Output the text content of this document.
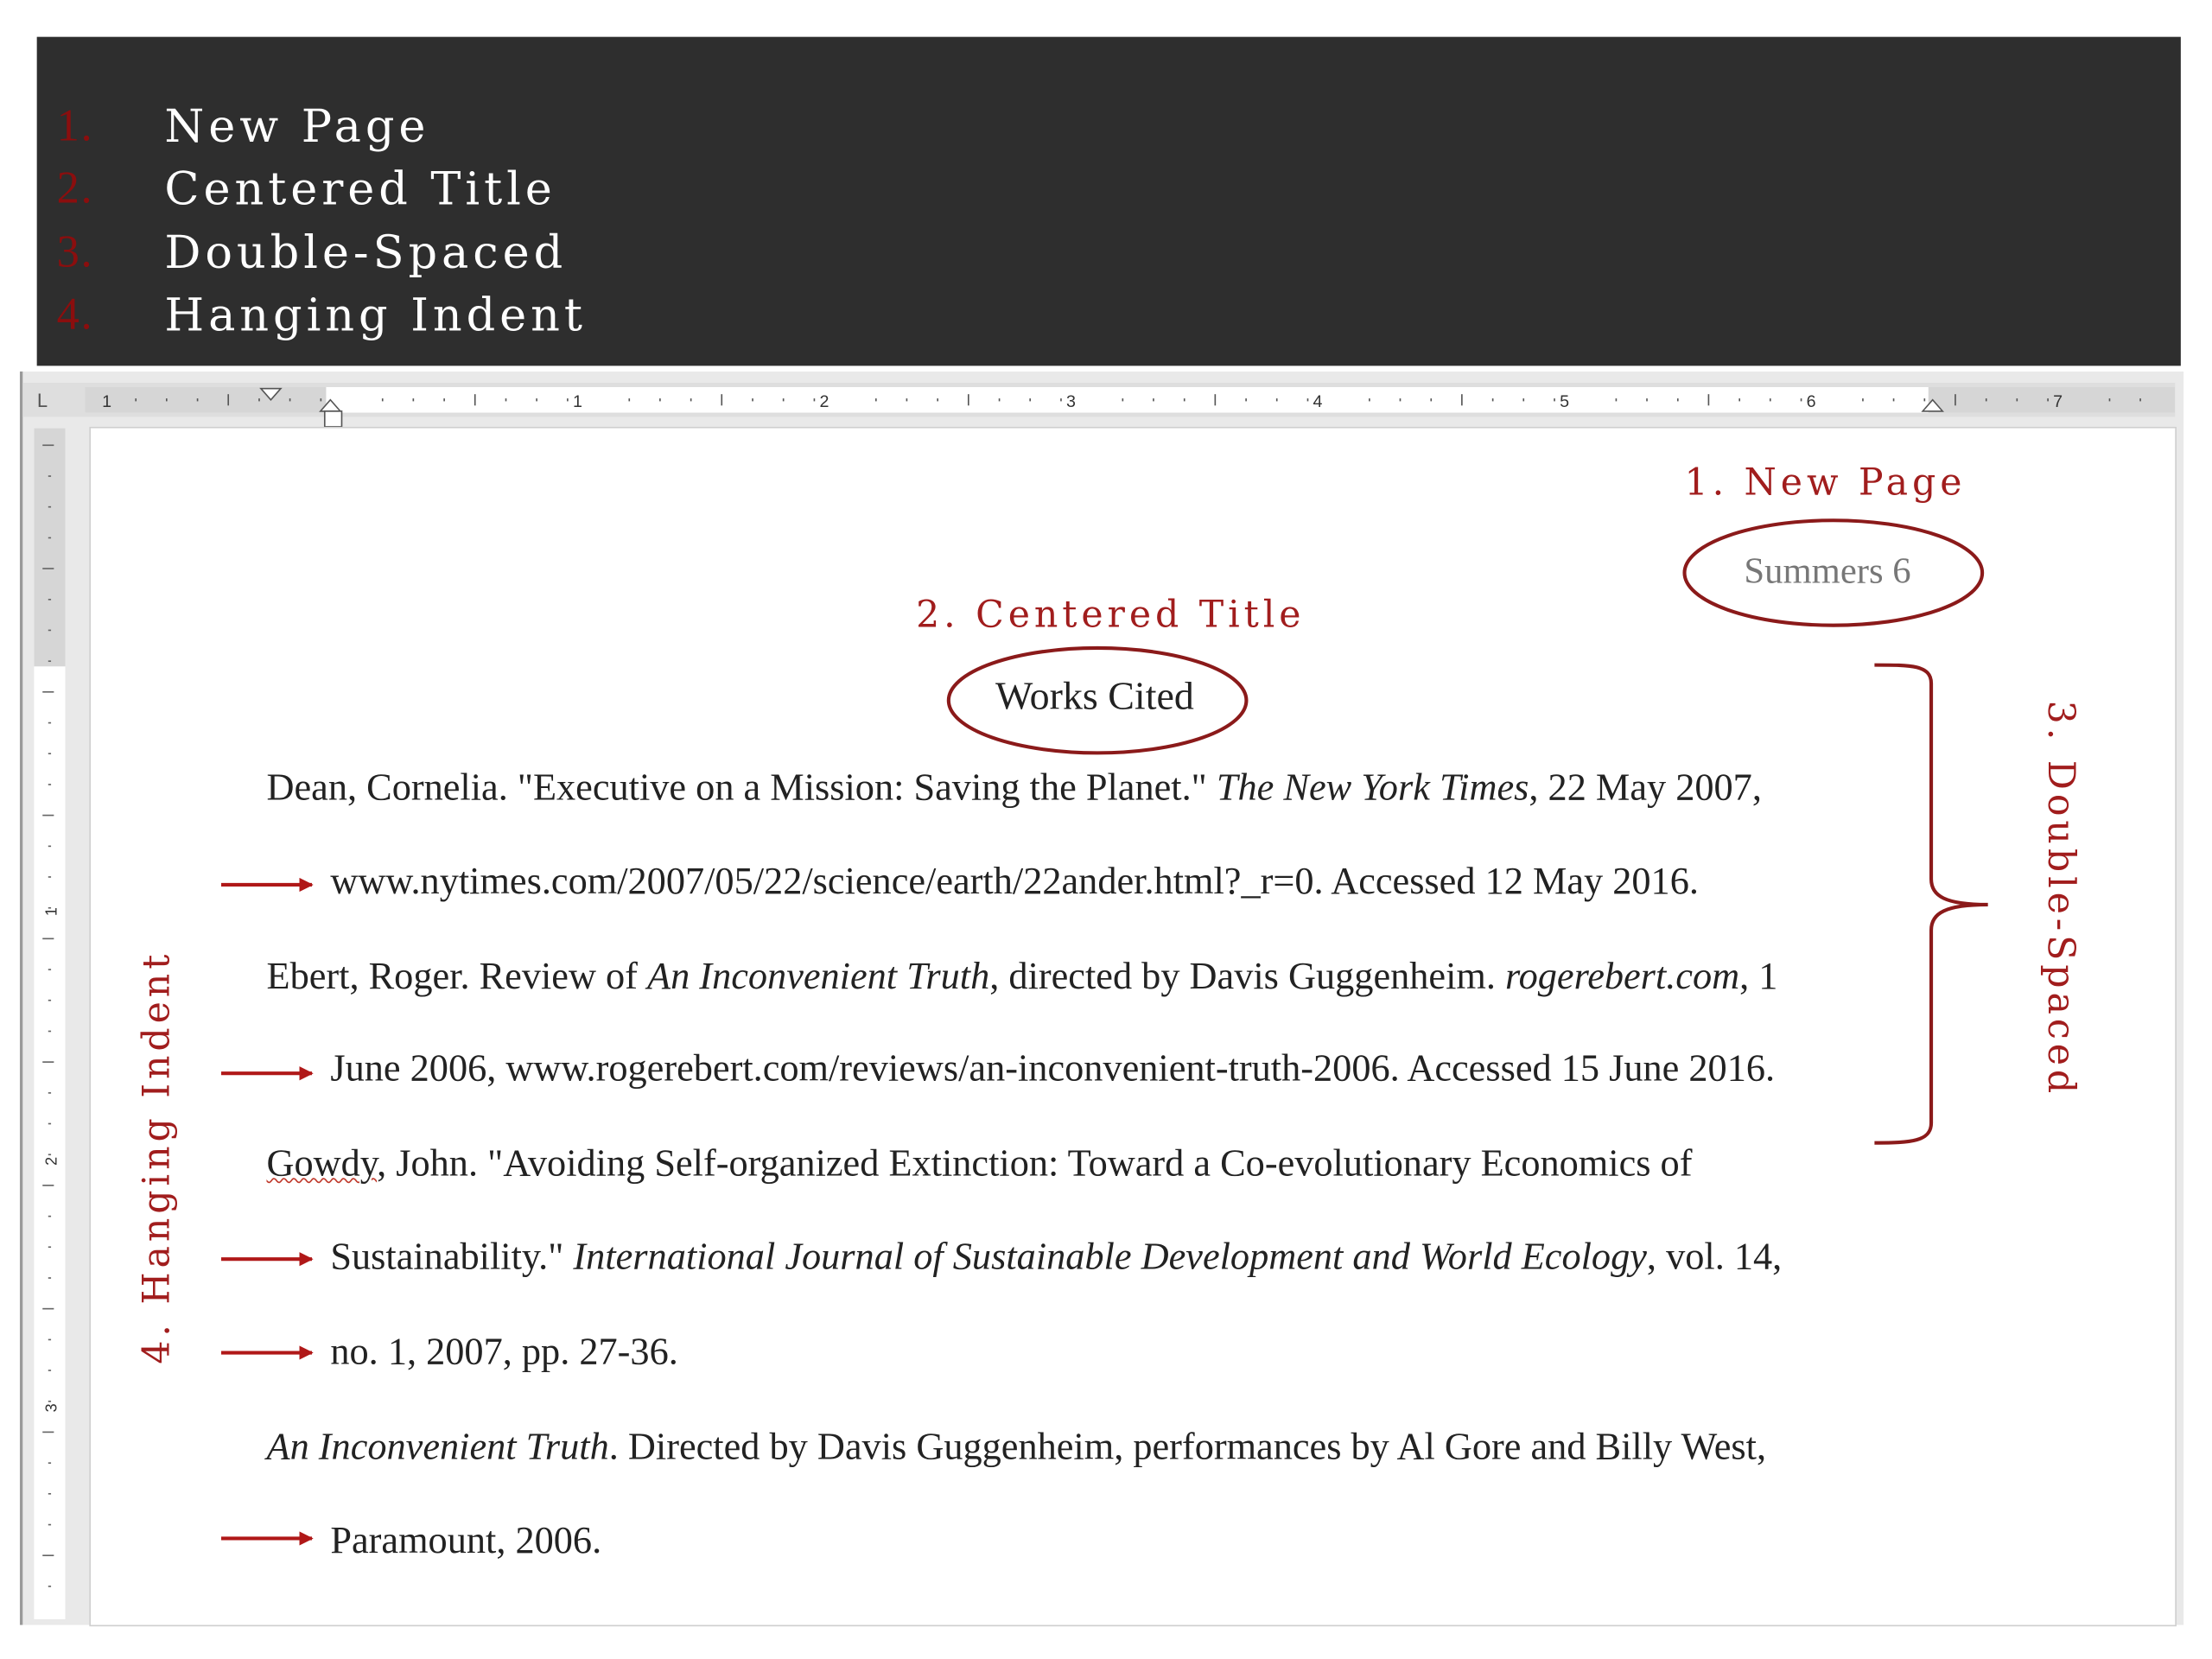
1.	New Page
2.	Centered Title
3.	Double-Spaced
4.	Hanging Indent
L	1	1	2	3	4	5	6	7
1
2
3
Summers 6
Works Cited
Dean, Cornelia. "Executive on a Mission: Saving the Planet." The New York Times, 22 May 2007,
www.nytimes.com/2007/05/22/science/earth/22ander.html?_r=0. Accessed 12 May 2016.
Ebert, Roger. Review of An Inconvenient Truth, directed by Davis Guggenheim. rogerebert.com, 1
June 2006, www.rogerebert.com/reviews/an-inconvenient-truth-2006. Accessed 15 June 2016.
Gowdy, John. "Avoiding Self-organized Extinction: Toward a Co-evolutionary Economics of
Sustainability." International Journal of Sustainable Development and World Ecology, vol. 14,
no. 1, 2007, pp. 27-36.
An Inconvenient Truth. Directed by Davis Guggenheim, performances by Al Gore and Billy West,
Paramount, 2006.
1. New Page
2. Centered Title
3. Double-Spaced
4. Hanging Indent
